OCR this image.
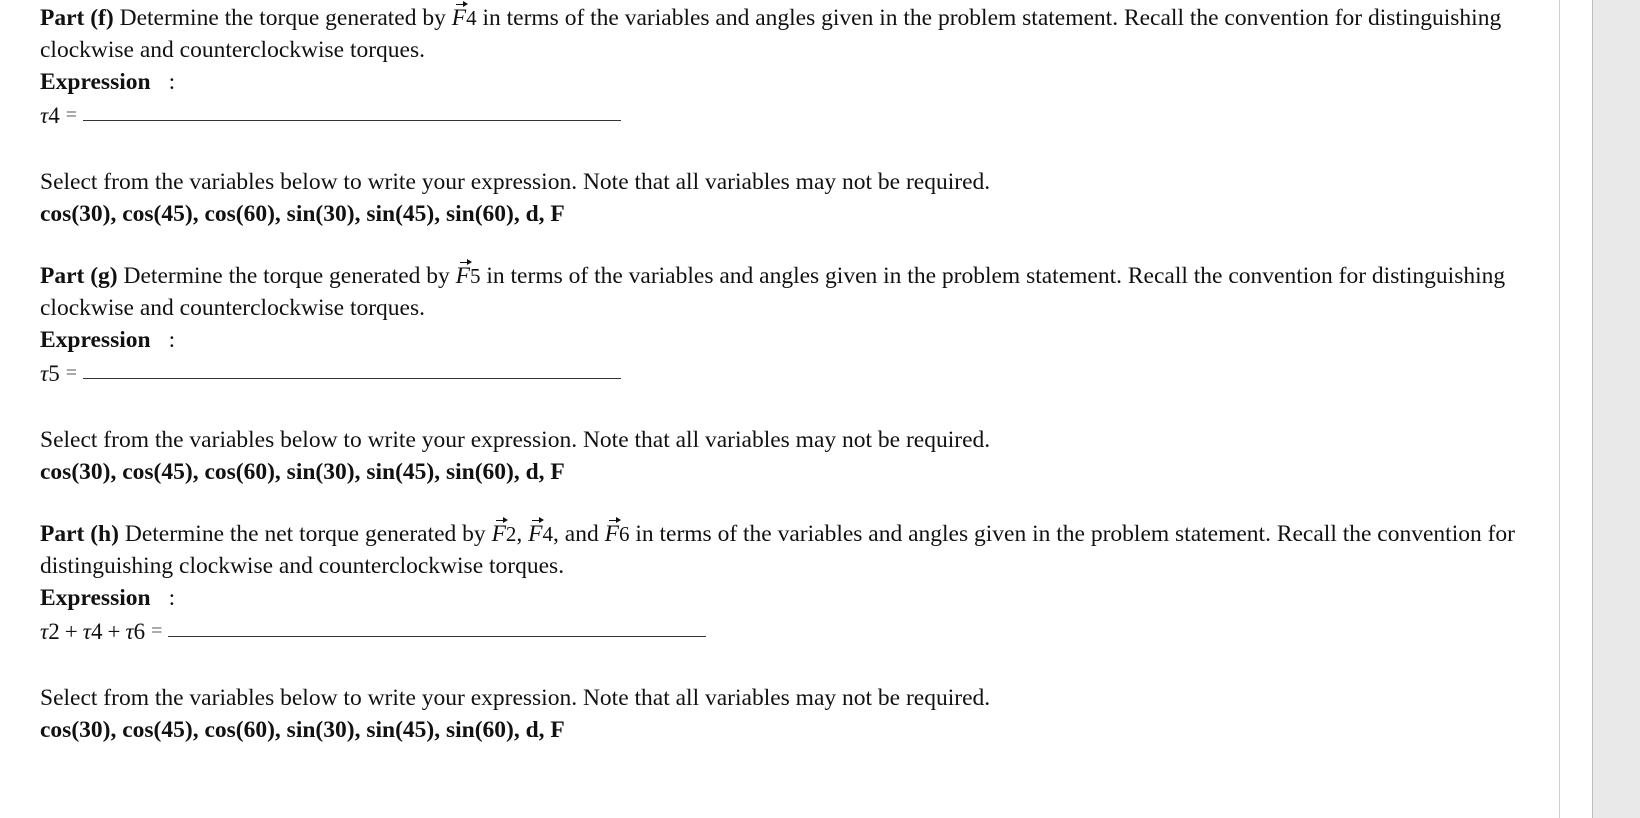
Part (f) Determine the torque generated by F4 in terms of the variables and angles given in the problem statement. Recall the convention for distinguishing clockwise and counterclockwise torques.

Expression :
τ4 =

Select from the variables below to write your expression. Note that all variables may not be required.

cos(30), cos(45), cos(60), sin(30), sin(45), sin(60), d, F

Part (g) Determine the torque generated by F5 in terms of the variables and angles given in the problem statement. Recall the convention for distinguishing clockwise and counterclockwise torques.

Expression :
τ5 =

Select from the variables below to write your expression. Note that all variables may not be required.

cos(30), cos(45), cos(60), sin(30), sin(45), sin(60), d, F

Part (h) Determine the net torque generated by F2, F4, and F6 in terms of the variables and angles given in the problem statement. Recall the convention for distinguishing clockwise and counterclockwise torques.

Expression :
τ2 + τ4 + τ6 =

Select from the variables below to write your expression. Note that all variables may not be required.

cos(30), cos(45), cos(60), sin(30), sin(45), sin(60), d, F
